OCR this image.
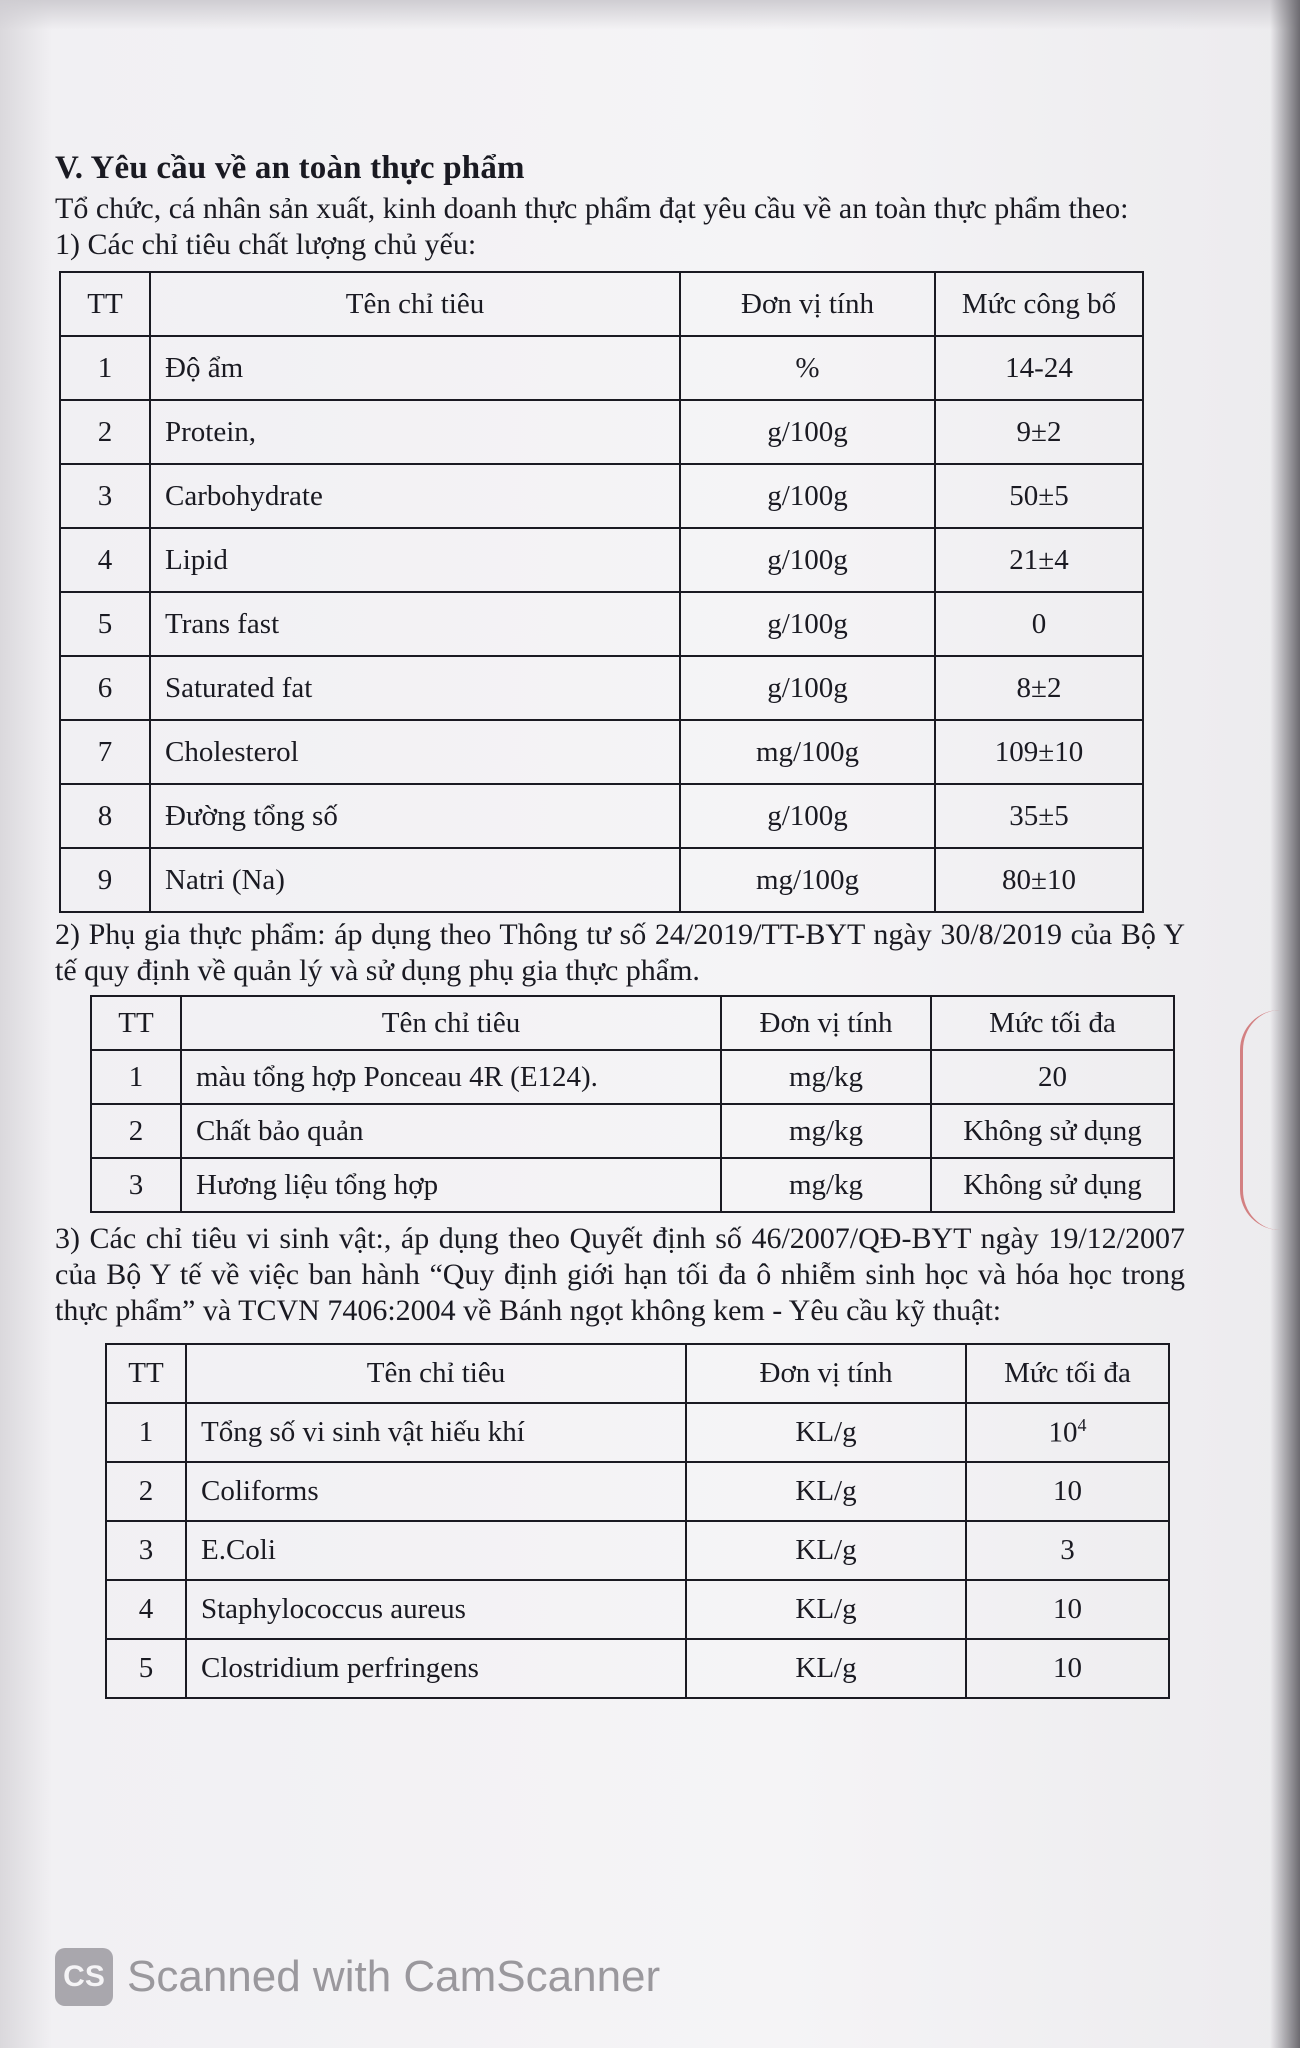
V. Yêu cầu về an toàn thực phẩm

Tổ chức, cá nhân sản xuất, kinh doanh thực phẩm đạt yêu cầu về an toàn thực phẩm theo:

1) Các chỉ tiêu chất lượng chủ yếu:

TT	Tên chỉ tiêu	Đơn vị tính	Mức công bố
1	Độ ẩm	%	14-24
2	Protein,	g/100g	9±2
3	Carbohydrate	g/100g	50±5
4	Lipid	g/100g	21±4
5	Trans fast	g/100g	0
6	Saturated fat	g/100g	8±2
7	Cholesterol	mg/100g	109±10
8	Đường tổng số	g/100g	35±5
9	Natri (Na)	mg/100g	80±10

2) Phụ gia thực phẩm: áp dụng theo Thông tư số 24/2019/TT-BYT ngày 30/8/2019 của Bộ Y tế quy định về quản lý và sử dụng phụ gia thực phẩm.

TT	Tên chỉ tiêu	Đơn vị tính	Mức tối đa
1	màu tổng hợp Ponceau 4R (E124).	mg/kg	20
2	Chất bảo quản	mg/kg	Không sử dụng
3	Hương liệu tổng hợp	mg/kg	Không sử dụng

3) Các chỉ tiêu vi sinh vật:, áp dụng theo Quyết định số 46/2007/QĐ-BYT ngày 19/12/2007 của Bộ Y tế về việc ban hành “Quy định giới hạn tối đa ô nhiễm sinh học và hóa học trong thực phẩm” và TCVN 7406:2004 về Bánh ngọt không kem - Yêu cầu kỹ thuật:

TT	Tên chỉ tiêu	Đơn vị tính	Mức tối đa
1	Tổng số vi sinh vật hiếu khí	KL/g	$10^4$
2	Coliforms	KL/g	10
3	E.Coli	KL/g	3
4	Staphylococcus aureus	KL/g	10
5	Clostridium perfringens	KL/g	10
CS Scanned with CamScanner
